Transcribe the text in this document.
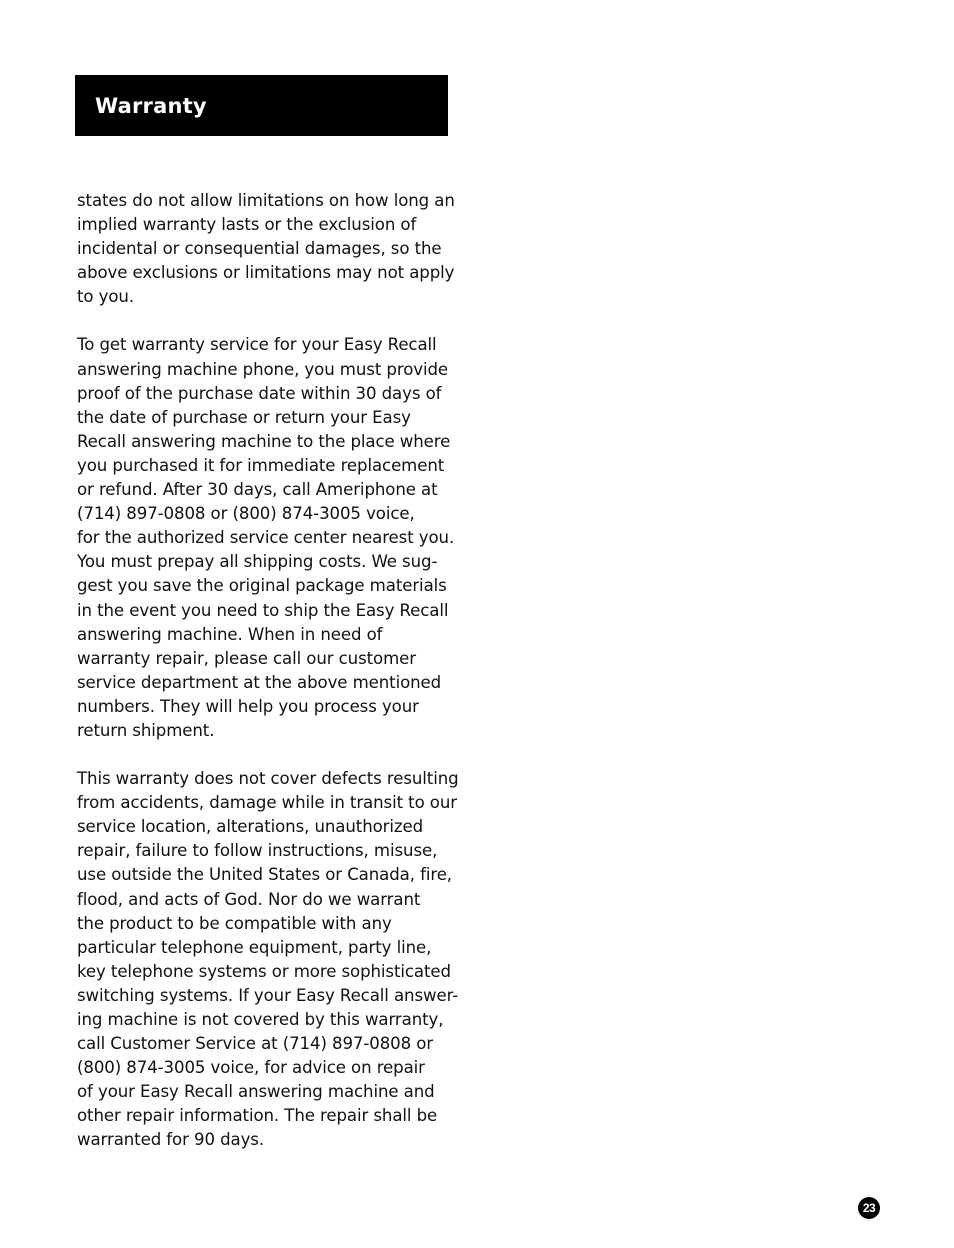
Warranty
states do not allow limitations on how long an
implied warranty lasts or the exclusion of
incidental or consequential damages, so the
above exclusions or limitations may not apply
to you.
To get warranty service for your Easy Recall
answering machine phone, you must provide
proof of the purchase date within 30 days of
the date of purchase or return your Easy
Recall answering machine to the place where
you purchased it for immediate replacement
or refund. After 30 days, call Ameriphone at
(714) 897-0808 or (800) 874-3005 voice,
for the authorized service center nearest you.
You must prepay all shipping costs. We sug-
gest you save the original package materials
in the event you need to ship the Easy Recall
answering machine. When in need of
warranty repair, please call our customer
service department at the above mentioned
numbers. They will help you process your
return shipment.
This warranty does not cover defects resulting
from accidents, damage while in transit to our
service location, alterations, unauthorized
repair, failure to follow instructions, misuse,
use outside the United States or Canada, fire,
flood, and acts of God. Nor do we warrant
the product to be compatible with any
particular telephone equipment, party line,
key telephone systems or more sophisticated
switching systems. If your Easy Recall answer-
ing machine is not covered by this warranty,
call Customer Service at (714) 897-0808 or
(800) 874-3005 voice, for advice on repair
of your Easy Recall answering machine and
other repair information. The repair shall be
warranted for 90 days.
23
